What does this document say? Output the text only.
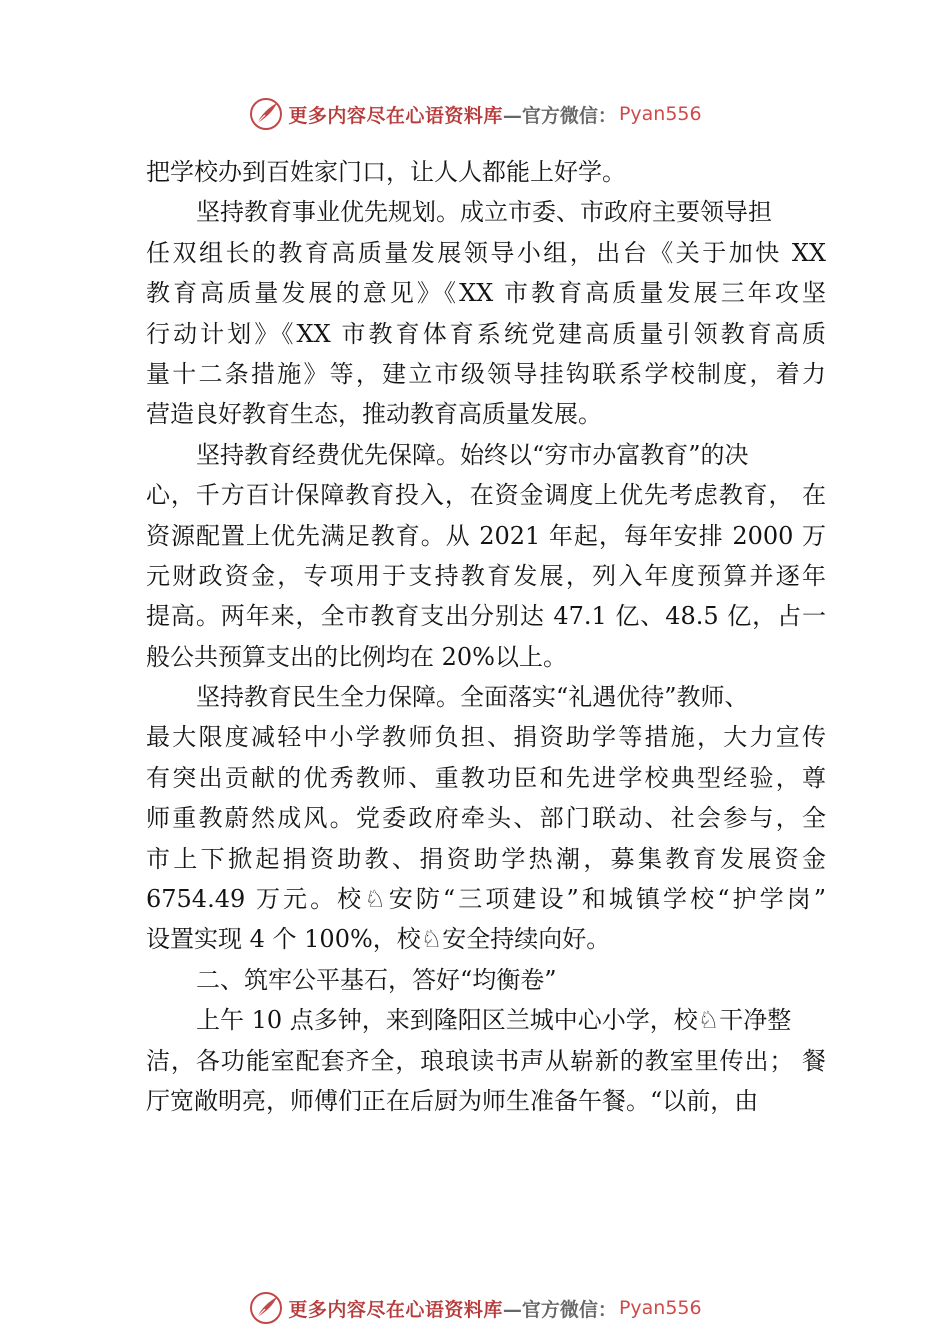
更多内容尽在心语资料库 —官方微信： Pyan556
把学校办到百姓家门口，让人人都能上好学。
坚持教育事业优先规划。成立市委、市政府主要领导担
任双组长的教育高质量发展领导小组，出台《关于加快 XX
教育高质量发展的意见》《XX 市教育高质量发展三年攻坚
行动计划》《XX 市教育体育系统党建高质量引领教育高质
量十二条措施》等，建立市级领导挂钩联系学校制度，着力
营造良好教育生态，推动教育高质量发展。
坚持教育经费优先保障。始终以“穷市办富教育”的决
心，千方百计保障教育投入，在资金调度上优先考虑教育， 在
资源配置上优先满足教育。从 2021 年起，每年安排 2000 万
元财政资金，专项用于支持教育发展，列入年度预算并逐年
提高。两年来，全市教育支出分别达 47.1 亿、48.5 亿，占一
般公共预算支出的比例均在 20%以上。
坚持教育民生全力保障。全面落实“礼遇优待”教师、
最大限度减轻中小学教师负担、捐资助学等措施，大力宣传
有突出贡献的优秀教师、重教功臣和先进学校典型经验，尊
师重教蔚然成风。党委政府牵头、部门联动、社会参与，全
市上下掀起捐资助教、捐资助学热潮，募集教育发展资金
6754.49 万元。校♘安防“三项建设”和城镇学校“护学岗”
设置实现 4 个 100%，校♘安全持续向好。
二、筑牢公平基石，答好“均衡卷”
上午 10 点多钟，来到隆阳区兰城中心小学，校♘干净整
洁，各功能室配套齐全，琅琅读书声从崭新的教室里传出； 餐
厅宽敞明亮，师傅们正在后厨为师生准备午餐。“以前，由
更多内容尽在心语资料库 —官方微信： Pyan556
